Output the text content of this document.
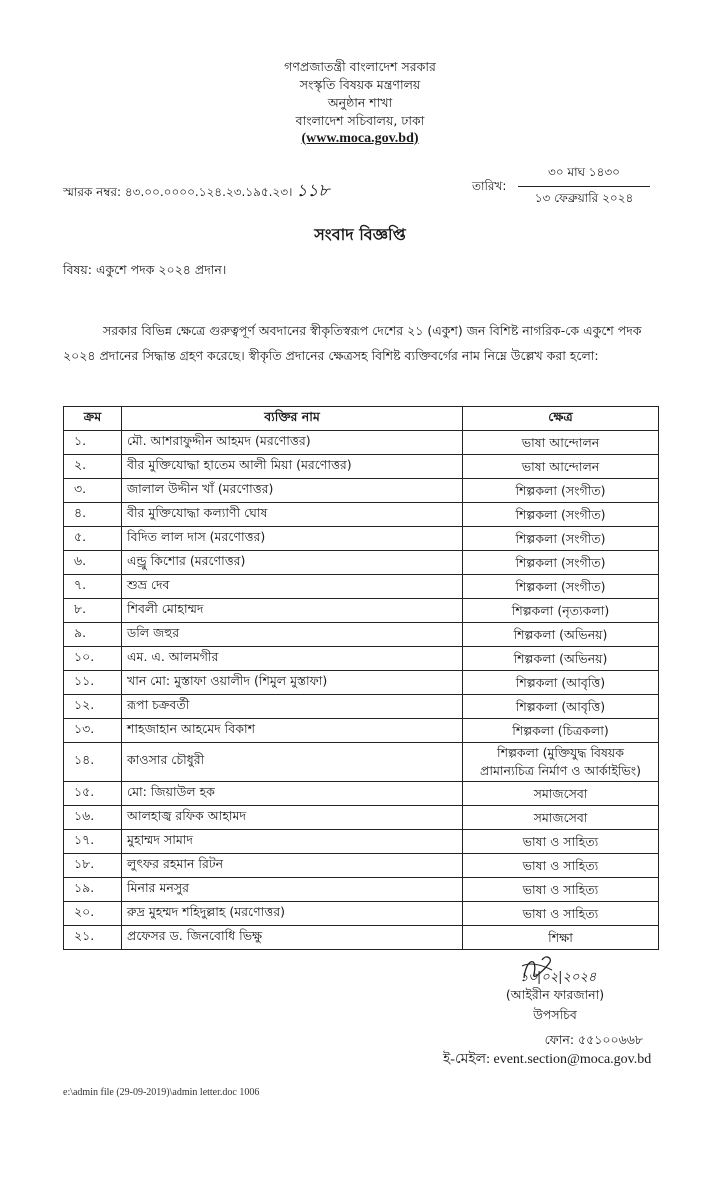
গণপ্রজাতন্ত্রী বাংলাদেশ সরকার
সংস্কৃতি বিষয়ক মন্ত্রণালয়
অনুষ্ঠান শাখা
বাংলাদেশ সচিবালয়, ঢাকা
(www.moca.gov.bd)
স্মারক নম্বর: ৪৩.০০.০০০০.১২৪.২৩.১৯৫.২৩। ১১৮	তারিখ:
৩০ মাঘ ১৪৩০
১৩ ফেব্রুয়ারি ২০২৪
সংবাদ বিজ্ঞপ্তি
বিষয়: একুশে পদক ২০২৪ প্রদান।
সরকার বিভিন্ন ক্ষেত্রে গুরুত্বপূর্ণ অবদানের স্বীকৃতিস্বরূপ দেশের ২১ (একুশ) জন বিশিষ্ট নাগরিক-কে একুশে পদক ২০২৪ প্রদানের সিদ্ধান্ত গ্রহণ করেছে। স্বীকৃতি প্রদানের ক্ষেত্রসহ বিশিষ্ট ব্যক্তিবর্গের নাম নিম্নে উল্লেখ করা হলো:
ক্রম	ব্যক্তির নাম	ক্ষেত্র
১.	মৌ. আশরাফুদ্দীন আহমদ (মরণোত্তর)	ভাষা আন্দোলন
২.	বীর মুক্তিযোদ্ধা হাতেম আলী মিয়া (মরণোত্তর)	ভাষা আন্দোলন
৩.	জালাল উদ্দীন খাঁ (মরণোত্তর)	শিল্পকলা (সংগীত)
৪.	বীর মুক্তিযোদ্ধা কল্যাণী ঘোষ	শিল্পকলা (সংগীত)
৫.	বিদিত লাল দাস (মরণোত্তর)	শিল্পকলা (সংগীত)
৬.	এন্ড্রু কিশোর (মরণোত্তর)	শিল্পকলা (সংগীত)
৭.	শুভ্র দেব	শিল্পকলা (সংগীত)
৮.	শিবলী মোহাম্মদ	শিল্পকলা (নৃত্যকলা)
৯.	ডলি জহুর	শিল্পকলা (অভিনয়)
১০.	এম. এ. আলমগীর	শিল্পকলা (অভিনয়)
১১.	খান মো: মুস্তাফা ওয়ালীদ (শিমুল মুস্তাফা)	শিল্পকলা (আবৃত্তি)
১২.	রূপা চক্রবর্তী	শিল্পকলা (আবৃত্তি)
১৩.	শাহজাহান আহমেদ বিকাশ	শিল্পকলা (চিত্রকলা)
১৪.	কাওসার চৌধুরী	শিল্পকলা (মুক্তিযুদ্ধ বিষয়ক প্রামান্যচিত্র নির্মাণ ও আর্কাইভিং)
১৫.	মো: জিয়াউল হক	সমাজসেবা
১৬.	আলহাজ্ব রফিক আহামদ	সমাজসেবা
১৭.	মুহাম্মদ সামাদ	ভাষা ও সাহিত্য
১৮.	লুৎফর রহমান রিটন	ভাষা ও সাহিত্য
১৯.	মিনার মনসুর	ভাষা ও সাহিত্য
২০.	রুদ্র মুহম্মদ শহিদুল্লাহ (মরণোত্তর)	ভাষা ও সাহিত্য
২১.	প্রফেসর ড. জিনবোধি ভিক্ষু	শিক্ষা
১৩|০২|২০২৪
(আইরীন ফারজানা)
উপসচিব
ফোন: ৫৫১০০৬৬৮
ই-মেইল: event.section@moca.gov.bd
e:\admin file (29-09-2019)\admin letter.doc 1006
